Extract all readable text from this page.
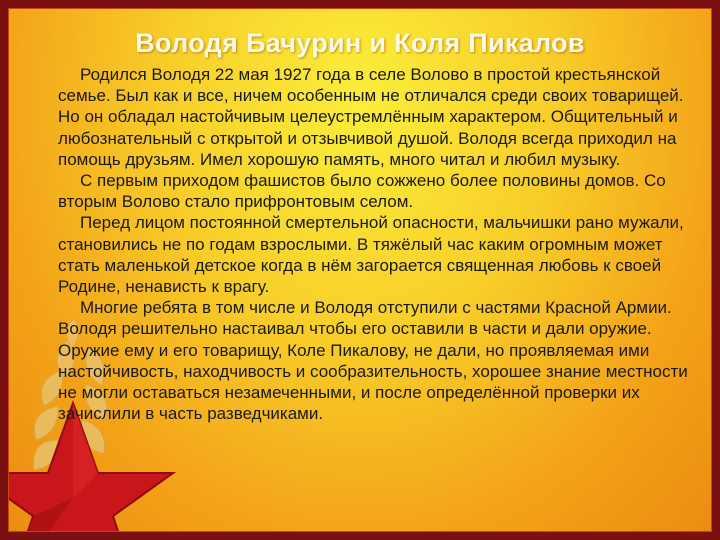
Володя Бачурин и Коля Пикалов

Родился Володя 22 мая 1927 года в селе Волово в простой крестьянской семье. Был как и все, ничем особенным не отличался среди своих товарищей. Но он обладал настойчивым целеустремлённым характером. Общительный и любознательный с открытой и отзывчивой душой. Володя всегда приходил на помощь друзьям. Имел хорошую память, много читал и любил музыку.

С первым приходом фашистов было сожжено более половины домов. Со вторым Волово стало прифронтовым селом.

Перед лицом постоянной смертельной опасности, мальчишки рано мужали, становились не по годам взрослыми. В тяжёлый час каким огромным может стать маленькой детское когда в нём загорается священная любовь к своей Родине, ненависть к врагу.

Многие ребята в том числе и Володя отступили с частями Красной Армии. Володя решительно настаивал чтобы его оставили в части и дали оружие. Оружие ему и его товарищу, Коле Пикалову, не дали, но проявляемая ими настойчивость, находчивость и сообразительность, хорошее знание местности не могли оставаться незамеченными, и после определённой проверки их зачислили в часть разведчиками.
